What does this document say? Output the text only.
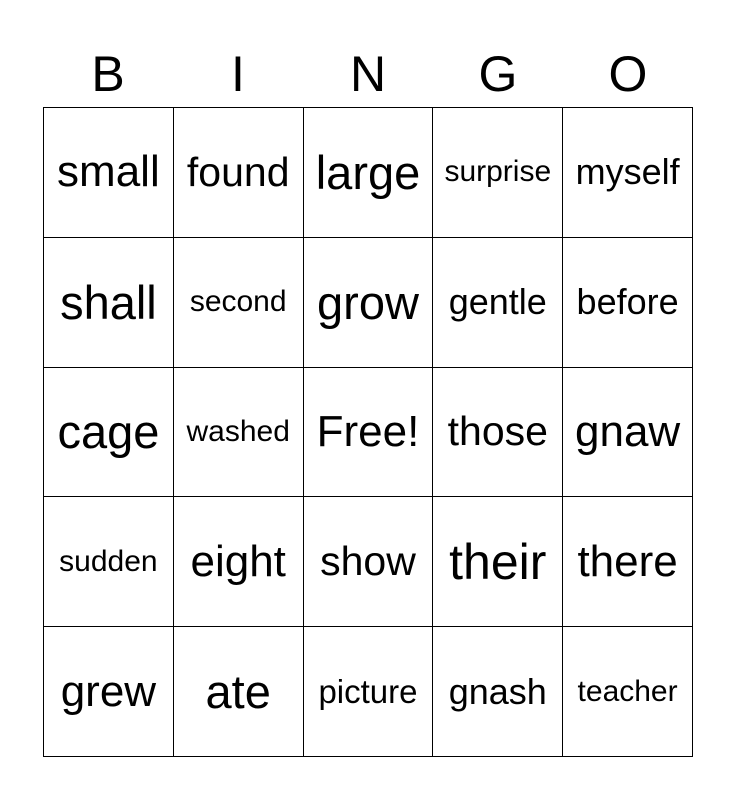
B	I	N	G	O
small found large surprise myself
shall	second grow gentle before
cage washed Free! those gnaw
sudden eight show their there
grew	ate	picture gnash	teacher
